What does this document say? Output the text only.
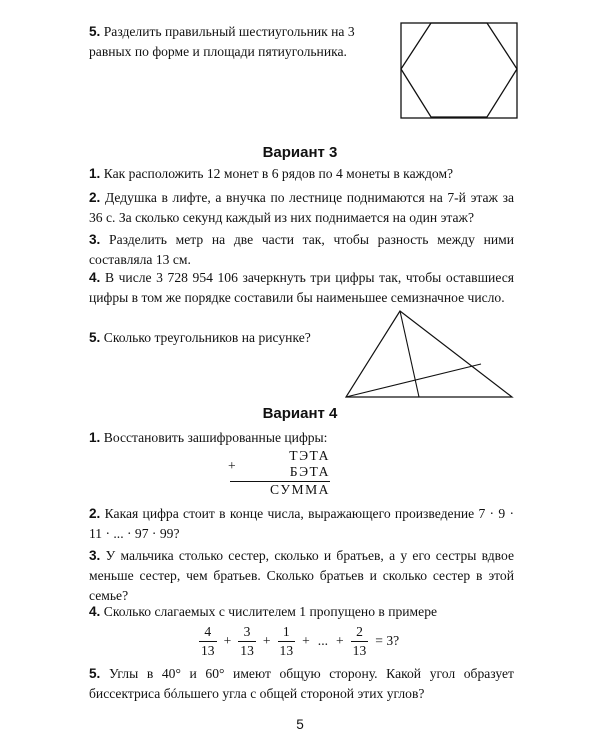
5. Разделить правильный шестиугольник на 3 равных по форме и площади пятиугольника.

Вариант 3

1. Как расположить 12 монет в 6 рядов по 4 монеты в каждом?

2. Дедушка в лифте, а внучка по лестнице поднимаются на 7-й этаж за 36 с. За сколько секунд каждый из них поднимается на один этаж?

3. Разделить метр на две части так, чтобы разность между ними составляла 13 см.

4. В числе 3 728 954 106 зачеркнуть три цифры так, чтобы оставшиеся цифры в том же порядке составили бы наименьшее семизначное число.

5. Сколько треугольников на рисунке?

Вариант 4

1. Восстановить зашифрованные цифры:

+
ТЭТА
БЭТА
СУММА

2. Какая цифра стоит в конце числа, выражающего произведение 7 · 9 · 11 · ... · 97 · 99?

3. У мальчика столько сестер, сколько и братьев, а у его сестры вдвое меньше сестер, чем братьев. Сколько братьев и сколько сестер в этой семье?

4. Сколько слагаемых с числителем 1 пропущено в примере

$\frac{4}{13} + \frac{3}{13} + \frac{1}{13}$ + ... + $\frac{2}{13} = 3$?

5. Углы в 40° и 60° имеют общую сторону. Какой угол образует биссектриса бóльшего угла с общей стороной этих углов?

5
